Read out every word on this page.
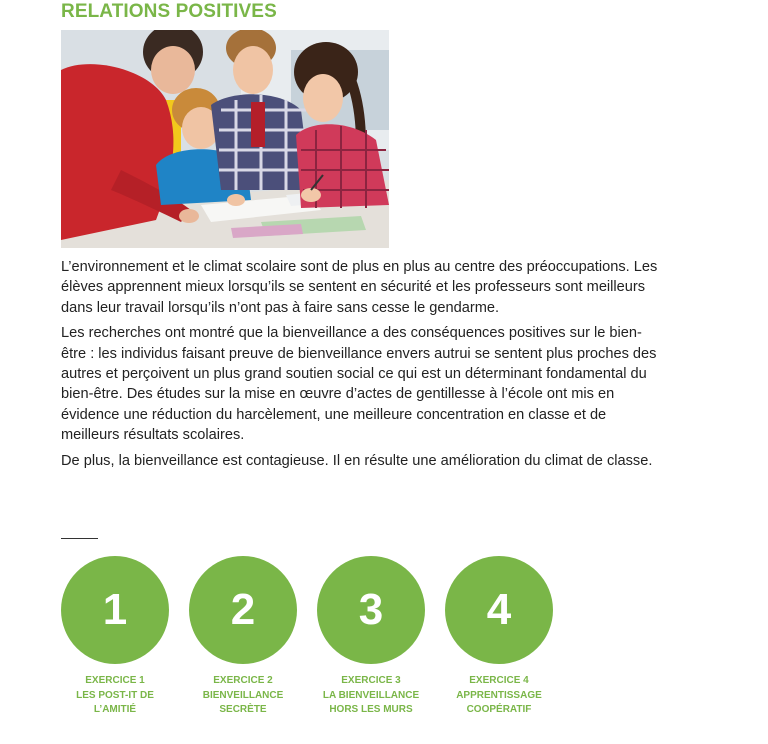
RELATIONS POSITIVES

L’environnement et le climat scolaire sont de plus en plus au centre des préoccupations. Les
élèves apprennent mieux lorsqu’ils se sentent en sécurité et les professeurs sont meilleurs
dans leur travail lorsqu’ils n’ont pas à faire sans cesse le gendarme.

Les recherches ont montré que la bienveillance a des conséquences positives sur le bien-
être : les individus faisant preuve de bienveillance envers autrui se sentent plus proches des
autres et perçoivent un plus grand soutien social ce qui est un déterminant fondamental du
bien-être. Des études sur la mise en œuvre d’actes de gentillesse à l’école ont mis en
évidence une réduction du harcèlement, une meilleure concentration en classe et de
meilleurs résultats scolaires.

De plus, la bienveillance est contagieuse. Il en résulte une amélioration du climat de classe.

1
EXERCICE 1
LES POST-IT DE
L’AMITIÉ
2
EXERCICE 2
BIENVEILLANCE
SECRÈTE
3
EXERCICE 3
LA BIENVEILLANCE
HORS LES MURS
4
EXERCICE 4
APPRENTISSAGE
COOPÉRATIF
